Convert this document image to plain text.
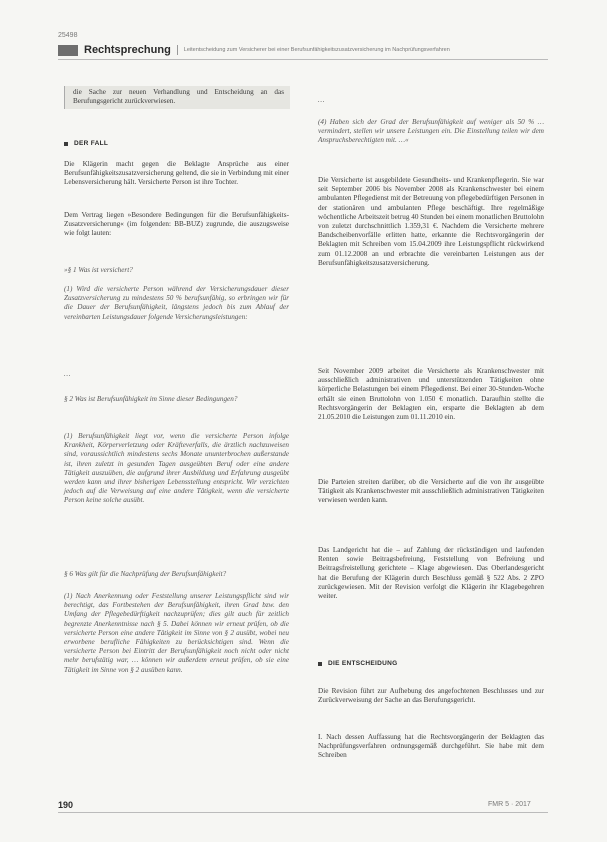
25498
Rechtsprechung Leitentscheidung zum Versicherer bei einer Berufsunfähigkeitszusatzversicherung im Nachprüfungsverfahren

die Sache zur neuen Verhandlung und Entscheidung an das Berufungsgericht zurückverwiesen.

DER FALL

Die Klägerin macht gegen die Beklagte Ansprüche aus einer Berufsunfähigkeitszusatzversicherung geltend, die sie in Verbindung mit einer Lebensversicherung hält. Versicherte Person ist ihre Tochter.

Dem Vertrag liegen »Besondere Bedingungen für die Berufsunfähigkeits-Zusatzversicherung« (im folgenden: BB-BUZ) zugrunde, die auszugsweise wie folgt lauten:

»§ 1 Was ist versichert?

(1) Wird die versicherte Person während der Versicherungsdauer dieser Zusatzversicherung zu mindestens 50 % berufsunfähig, so erbringen wir für die Dauer der Berufsunfähigkeit, längstens jedoch bis zum Ablauf der vereinbarten Leistungsdauer folgende Versicherungsleistungen:

…

§ 2 Was ist Berufsunfähigkeit im Sinne dieser Bedingungen?

(1) Berufsunfähigkeit liegt vor, wenn die versicherte Person infolge Krankheit, Körperverletzung oder Kräfteverfalls, die ärztlich nachzuweisen sind, voraussichtlich mindestens sechs Monate ununterbrochen außerstande ist, ihren zuletzt in gesunden Tagen ausgeübten Beruf oder eine andere Tätigkeit auszuüben, die aufgrund ihrer Ausbildung und Erfahrung ausgeübt werden kann und ihrer bisherigen Lebensstellung entspricht. Wir verzichten jedoch auf die Verweisung auf eine andere Tätigkeit, wenn die versicherte Person keine solche ausübt.

§ 6 Was gilt für die Nachprüfung der Berufsunfähigkeit?

(1) Nach Anerkennung oder Feststellung unserer Leistungspflicht sind wir berechtigt, das Fortbestehen der Berufsunfähigkeit, ihren Grad bzw. den Umfang der Pflegebedürftigkeit nachzuprüfen; dies gilt auch für zeitlich begrenzte Anerkenntnisse nach § 5. Dabei können wir erneut prüfen, ob die versicherte Person eine andere Tätigkeit im Sinne von § 2 ausübt, wobei neu erworbene berufliche Fähigkeiten zu berücksichtigen sind. Wenn die versicherte Person bei Eintritt der Berufsunfähigkeit noch nicht oder nicht mehr berufstätig war, … können wir außerdem erneut prüfen, ob sie eine Tätigkeit im Sinne von § 2 ausüben kann.

…

(4) Haben sich der Grad der Berufsunfähigkeit auf weniger als 50 % … vermindert, stellen wir unsere Leistungen ein. Die Einstellung teilen wir dem Anspruchsberechtigten mit. …«

Die Versicherte ist ausgebildete Gesundheits- und Krankenpflegerin. Sie war seit September 2006 bis November 2008 als Krankenschwester bei einem ambulanten Pflegedienst mit der Betreuung von pflegebedürftigen Personen in der stationären und ambulanten Pflege beschäftigt. Ihre regelmäßige wöchentliche Arbeitszeit betrug 40 Stunden bei einem monatlichen Bruttolohn von zuletzt durchschnittlich 1.359,31 €. Nachdem die Versicherte mehrere Bandscheibenvorfälle erlitten hatte, erkannte die Rechtsvorgängerin der Beklagten mit Schreiben vom 15.04.2009 ihre Leistungspflicht rückwirkend zum 01.12.2008 an und erbrachte die vereinbarten Leistungen aus der Berufsunfähigkeitszusatzversicherung.

Seit November 2009 arbeitet die Versicherte als Krankenschwester mit ausschließlich administrativen und unterstützenden Tätigkeiten ohne körperliche Belastungen bei einem Pflegedienst. Bei einer 30-Stunden-Woche erhält sie einen Bruttolohn von 1.050 € monatlich. Daraufhin stellte die Rechtsvorgängerin der Beklagten ein, ersparte die Beklagten ab dem 21.05.2010 die Leistungen zum 01.11.2010 ein.

Die Parteien streiten darüber, ob die Versicherte auf die von ihr ausgeübte Tätigkeit als Krankenschwester mit ausschließlich administrativen Tätigkeiten verwiesen werden kann.

Das Landgericht hat die – auf Zahlung der rückständigen und laufenden Renten sowie Beitragsbefreiung, Feststellung von Befreiung und Beitragsfreistellung gerichtete – Klage abgewiesen. Das Oberlandesgericht hat die Berufung der Klägerin durch Beschluss gemäß § 522 Abs. 2 ZPO zurückgewiesen. Mit der Revision verfolgt die Klägerin ihr Klagebegehren weiter.

DIE ENTSCHEIDUNG

Die Revision führt zur Aufhebung des angefochtenen Beschlusses und zur Zurückverweisung der Sache an das Berufungsgericht.

I. Nach dessen Auffassung hat die Rechtsvorgängerin der Beklagten das Nachprüfungsverfahren ordnungsgemäß durchgeführt. Sie habe mit dem Schreiben

190	FMR 5 · 2017
